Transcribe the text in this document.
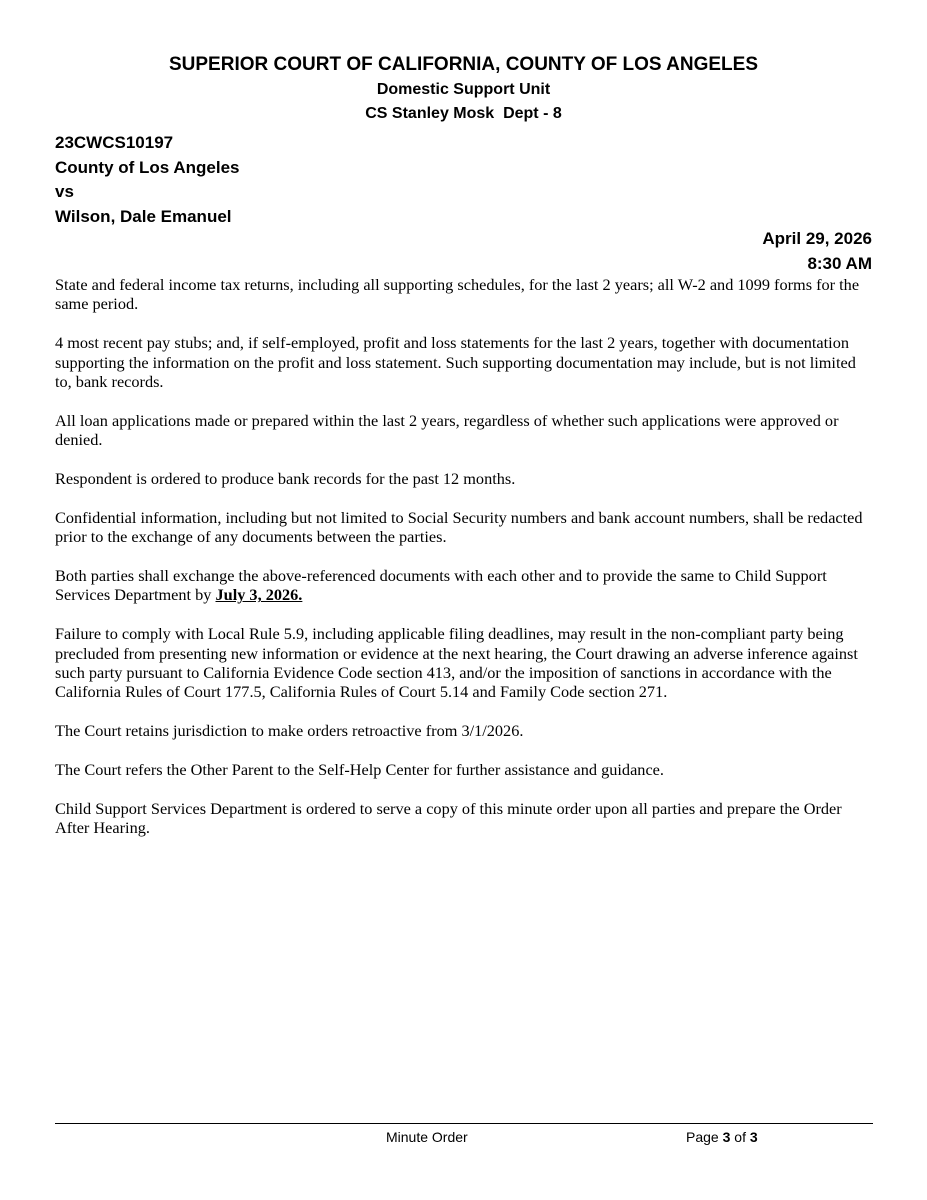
SUPERIOR COURT OF CALIFORNIA, COUNTY OF LOS ANGELES
Domestic Support Unit
CS Stanley Mosk  Dept - 8
23CWCS10197
County of Los Angeles
vs
Wilson, Dale Emanuel
April 29, 2026
8:30 AM

State and federal income tax returns, including all supporting schedules, for the last 2 years; all W-2 and 1099 forms for the same period.

4 most recent pay stubs; and, if self-employed, profit and loss statements for the last 2 years, together with documentation supporting the information on the profit and loss statement. Such supporting documentation may include, but is not limited to, bank records.

All loan applications made or prepared within the last 2 years, regardless of whether such applications were approved or denied.

Respondent is ordered to produce bank records for the past 12 months.

Confidential information, including but not limited to Social Security numbers and bank account numbers, shall be redacted prior to the exchange of any documents between the parties.

Both parties shall exchange the above-referenced documents with each other and to provide the same to Child Support Services Department by July 3, 2026.

Failure to comply with Local Rule 5.9, including applicable filing deadlines, may result in the non-compliant party being precluded from presenting new information or evidence at the next hearing, the Court drawing an adverse inference against such party pursuant to California Evidence Code section 413, and/or the imposition of sanctions in accordance with the California Rules of Court 177.5, California Rules of Court 5.14 and Family Code section 271.

The Court retains jurisdiction to make orders retroactive from 3/1/2026.

The Court refers the Other Parent to the Self-Help Center for further assistance and guidance.

Child Support Services Department is ordered to serve a copy of this minute order upon all parties and prepare the Order After Hearing.

Minute Order	Page 3 of 3
